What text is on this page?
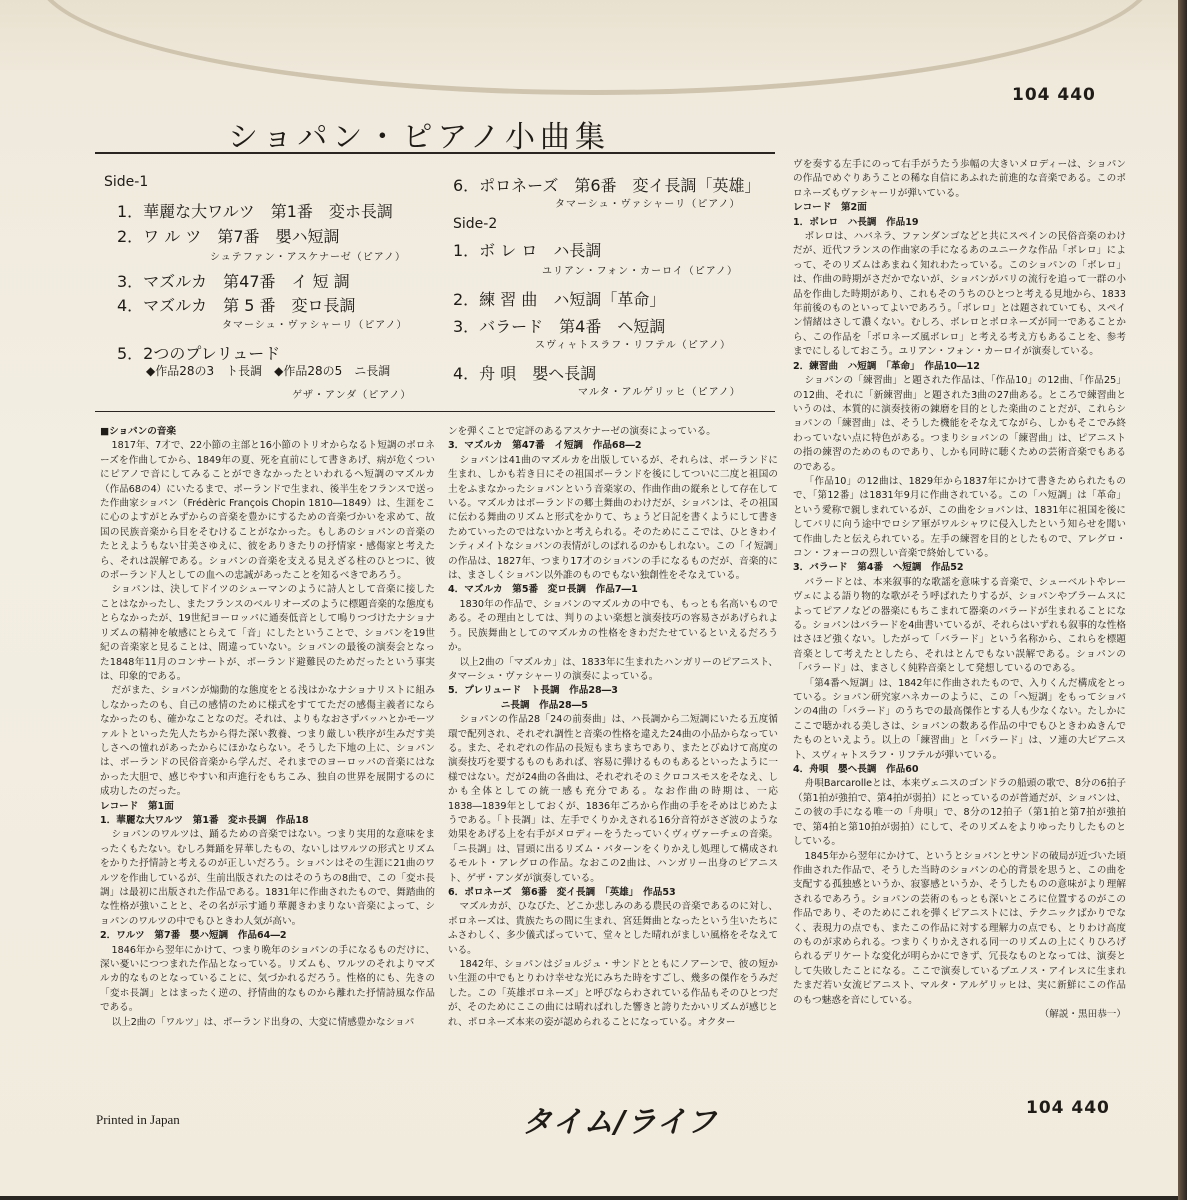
104 440
ショパン・ピアノ小曲集
Side-1
1．華麗な大ワルツ　第1番　変ホ長調
2．ワ ル ツ　第7番　嬰ハ短調
シュテファン・アスケナーゼ（ピアノ）
3．マズルカ　第47番　イ 短 調
4．マズルカ　第 5 番　変ロ長調
タマーシュ・ヴァシャーリ（ピアノ）
5．2つのプレリュード
◆作品28の3　ト長調　◆作品28の5　ニ長調
ゲザ・アンダ（ピアノ）
6．ポロネーズ　第6番　変イ長調「英雄」
タマーシュ・ヴァシャーリ（ピアノ）
Side-2
1．ボ レ ロ　ハ長調
ユリアン・フォン・カーロイ（ピアノ）
2．練 習 曲　ハ短調「革命」
3．バラード　第4番　ヘ短調
スヴィャトスラフ・リフテル（ピアノ）
4．舟 唄　嬰ヘ長調
マルタ・アルゲリッヒ（ピアノ）

■ショパンの音楽

1817年、7才で、22小節の主部と16小節のトリオからなるト短調のポロネーズを作曲してから、1849年の夏、死を直前にして書きあげ、病が危くついにピアノで音にしてみることができなかったといわれるヘ短調のマズルカ（作品68の4）にいたるまで、ポーランドで生まれ、後半生をフランスで送った作曲家ショパン（Frédèric François Chopin 1810―1849）は、生涯をこに心のよすがとみずからの音楽を豊かにするための音楽づかいを求めて、故国の民族音楽から目をそむけることがなかった。もしあのショパンの音楽のたとえようもない甘美さゆえに、彼をありきたりの抒情家・感傷家と考えたら、それは誤解である。ショパンの音楽を支える見えざる柱のひとつに、彼のポーランド人としての血への忠誠があったことを知るべきであろう。

ショパンは、決してドイツのシューマンのように詩人として音楽に接したことはなかったし、またフランスのベルリオーズのように標題音楽的な態度もとらなかったが、19世紀ヨーロッパに通奏低音として鳴りつづけたナショナリズムの精神を敏感にとらえて「音」にしたということで、ショパンを19世紀の音楽家と見ることは、間違っていない。ショパンの最後の演奏会となった1848年11月のコンサートが、ポーランド避難民のためだったという事実は、印象的である。

だがまた、ショパンが煽動的な態度をとる浅はかなナショナリストに組みしなかったのも、自己の感情のために様式をすててただの感傷主義者にならなかったのも、確かなことなのだ。それは、よりもなおさずバッハとかモーツァルトといった先人たちから得た深い教養、つまり厳しい秩序が生みだす美しさへの憧れがあったからにほかならない。そうした下地の上に、ショパンは、ポーランドの民俗音楽から学んだ、それまでのヨーロッパの音楽にはなかった大胆で、感じやすい和声進行をもちこみ、独自の世界を展開するのに成功したのだった。

レコード　第1面

1．華麗な大ワルツ　第1番　変ホ長調　作品18

ショパンのワルツは、踊るための音楽ではない。つまり実用的な意味をまったくもたない。むしろ舞踊を昇華したもの、ないしはワルツの形式とリズムをかりた抒情詩と考えるのが正しいだろう。ショパンはその生涯に21曲のワルツを作曲しているが、生前出版されたのはそのうちの8曲で、この「変ホ長調」は最初に出版された作品である。1831年に作曲されたもので、舞踏曲的な性格が強いことと、その名が示す通り華麗きわまりない音楽によって、ショパンのワルツの中でもひときわ人気が高い。

2．ワルツ　第7番　嬰ハ短調　作品64―2

1846年から翌年にかけて、つまり晩年のショパンの手になるものだけに、深い憂いにつつまれた作品となっている。リズムも、ワルツのそれよりマズルカ的なものとなっていることに、気づかれるだろう。性格的にも、先きの「変ホ長調」とはまったく逆の、抒情曲的なものから離れた抒情詩風な作品である。

以上2曲の「ワルツ」は、ポーランド出身の、大変に情感豊かなショパ

ンを弾くことで定評のあるアスケナーゼの演奏によっている。

3．マズルカ　第47番　イ短調　作品68―2

ショパンは41曲のマズルカを出版しているが、それらは、ポーランドに生まれ、しかも若き日にその祖国ポーランドを後にしてついに二度と祖国の土をふまなかったショパンという音楽家の、作曲作曲の縦糸として存在している。マズルカはポーランドの郷土舞曲のわけだが、ショパンは、その祖国に伝わる舞曲のリズムと形式をかりて、ちょうど日記を書くようにして書きためていったのではないかと考えられる。そのためにここでは、ひときわインティメイトなショパンの表情がしのばれるのかもしれない。この「イ短調」の作品は、1827年、つまり17才のショパンの手になるものだが、音楽的には、まさしくショパン以外誰のものでもない独創性をそなえている。

4．マズルカ　第5番　変ロ長調　作品7―1

1830年の作品で、ショパンのマズルカの中でも、もっとも名高いものである。その理由としては、判りのよい楽想と演奏技巧の容易さがあげられよう。民族舞曲としてのマズルカの性格をきわだたせているといえるだろうか。

以上2曲の「マズルカ」は、1833年に生まれたハンガリーのピアニスト、タマーシュ・ヴァシャーリの演奏によっている。

5．プレリュード　ト長調　作品28―3

ニ長調　作品28―5

ショパンの作品28「24の前奏曲」は、ハ長調から二短調にいたる五度循環で配列され、それぞれ調性と音楽の性格を違えた24曲の小品からなっている。また、それぞれの作品の長短もまちまちであり、またとびぬけて高度の演奏技巧を要するものもあれば、容易に弾けるものもあるといったように一様ではない。だが24曲の各曲は、それぞれそのミクロコスモスをそなえ、しかも全体としての統一感も充分である。なお作曲の時期は、一応1838―1839年としておくが、1836年ごろから作曲の手をそめはじめたようである。「ト長調」は、左手でくりかえされる16分音符がさざ波のような効果をあげる上を右手がメロディーをうたっていくヴィヴァーチェの音楽。「ニ長調」は、冒頭に出るリズム・パターンをくりかえし処理して構成されるモルト・アレグロの作品。なおこの2曲は、ハンガリー出身のピアニスト、ゲザ・アンダが演奏している。

6．ポロネーズ　第6番　変イ長調　「英雄」　作品53

マズルカが、ひなびた、どこか悲しみのある農民の音楽であるのに対し、ポロネーズは、貴族たちの間に生まれ、宮廷舞曲となったという生いたちにふさわしく、多少儀式ばっていて、堂々とした晴れがましい風格をそなえている。

1842年、ショパンはジョルジュ・サンドとともにノアーンで、彼の短かい生涯の中でもとりわけ幸せな光にみちた時をすごし、幾多の傑作をうみだした。この「英雄ポロネーズ」と呼びならわされている作品もそのひとつだが、そのためにここの曲には晴ればれした響きと誇りたかいリズムが感じとれ、ポロネーズ本来の姿が認められることになっている。オクター

ヴを奏する左手にのって右手がうたう歩幅の大きいメロディーは、ショパンの作品でめぐりあうことの稀な自信にあふれた前進的な音楽である。このポロネーズもヴァシャーリが弾いている。

レコード　第2面

1．ボレロ　ハ長調　作品19

ボレロは、ハバネラ、ファンダンゴなどと共にスペインの民俗音楽のわけだが、近代フランスの作曲家の手になるあのユニークな作品「ボレロ」によって、そのリズムはあまねく知れわたっている。このショパンの「ボレロ」は、作曲の時期がさだかでないが、ショパンがパリの流行を追って一群の小品を作曲した時期があり、これもそのうちのひとつと考える見地から、1833年前後のものといってよいであろう。「ボレロ」とは題されていても、スペイン情緒はさして濃くない。むしろ、ボレロとポロネーズが同一であることから、この作品を「ポロネーズ風ボレロ」と考える考え方もあることを、参考までにしるしておこう。ユリアン・フォン・カーロイが演奏している。

2．練習曲　ハ短調　「革命」　作品10―12

ショパンの「練習曲」と題された作品は、「作品10」の12曲、「作品25」の12曲、それに「新練習曲」と題された3曲の27曲ある。ところで練習曲というのは、本質的に演奏技術の錬磨を目的とした楽曲のことだが、これらショパンの「練習曲」は、そうした機能をそなえてながら、しかもそこでみ終わっていない点に特色がある。つまりショパンの「練習曲」は、ピアニストの指の練習のためのものであり、しかも同時に聴くための芸術音楽でもあるのである。

「作品10」の12曲は、1829年から1837年にかけて書きためられたもので、「第12番」は1831年9月に作曲されている。この「ハ短調」は「革命」という愛称で親しまれているが、この曲をショパンは、1831年に祖国を後にしてパリに向う途中でロシア軍がワルシャワに侵入したという知らせを聞いて作曲したと伝えられている。左手の練習を目的としたもので、アレグロ・コン・フォーコの烈しい音楽で終始している。

3．バラード　第4番　ヘ短調　作品52

バラードとは、本来叙事的な歌謡を意味する音楽で、シューベルトやレーヴェによる語り物的な歌がそう呼ばれたりするが、ショパンやブラームスによってピアノなどの器楽にもちこまれて器楽のバラードが生まれることになる。ショパンはバラードを4曲書いているが、それらはいずれも叙事的な性格はさほど強くない。したがって「バラード」という名称から、これらを標題音楽として考えたとしたら、それはとんでもない誤解である。ショパンの「バラード」は、まさしく純粋音楽として発想しているのである。

「第4番へ短調」は、1842年に作曲されたもので、入りくんだ構成をとっている。ショパン研究家ハネカーのように、この「ヘ短調」をもってショパンの4曲の「バラード」のうちでの最高傑作とする人も少なくない。たしかにここで聴かれる美しさは、ショパンの数ある作品の中でもひときわぬきんでたものといえよう。以上の「練習曲」と「バラード」は、ソ連の大ピアニスト、スヴィャトスラフ・リフテルが弾いている。

4．舟唄　嬰ヘ長調　作品60

舟唄Barcarolleとは、本来ヴェニスのゴンドラの船頭の歌で、8分の6拍子（第1拍が強拍で、第4拍が弱拍）にとっているのが普通だが、ショパンは、この彼の手になる唯一の「舟唄」で、8分の12拍子（第1拍と第7拍が強拍で、第4拍と第10拍が弱拍）にして、そのリズムをよりゆったりしたものとしている。

1845年から翌年にかけて、というとショパンとサンドの破局が近づいた頃作曲された作品で、そうした当時のショパンの心的背景を思うと、この曲を支配する孤独感というか、寂寥感というか、そうしたものの意味がより理解されるであろう。ショパンの芸術のもっとも深いところに位置するのがこの作品であり、そのためにこれを弾くピアニストには、テクニックばかりでなく、表現力の点でも、またこの作品に対する理解力の点でも、とりわけ高度のものが求められる。つまりくりかえされる同一のリズムの上にくりひろげられるデリケートな変化が明らかにできず、冗長なものとなっては、演奏として失敗したことになる。ここで演奏しているブエノス・アイレスに生まれたまだ若い女流ピアニスト、マルタ・アルゲリッヒは、実に新鮮にこの作品のもつ魅惑を音にしている。

（解説・黒田恭一）

Printed in Japan	タイム/ライフ	104 440
